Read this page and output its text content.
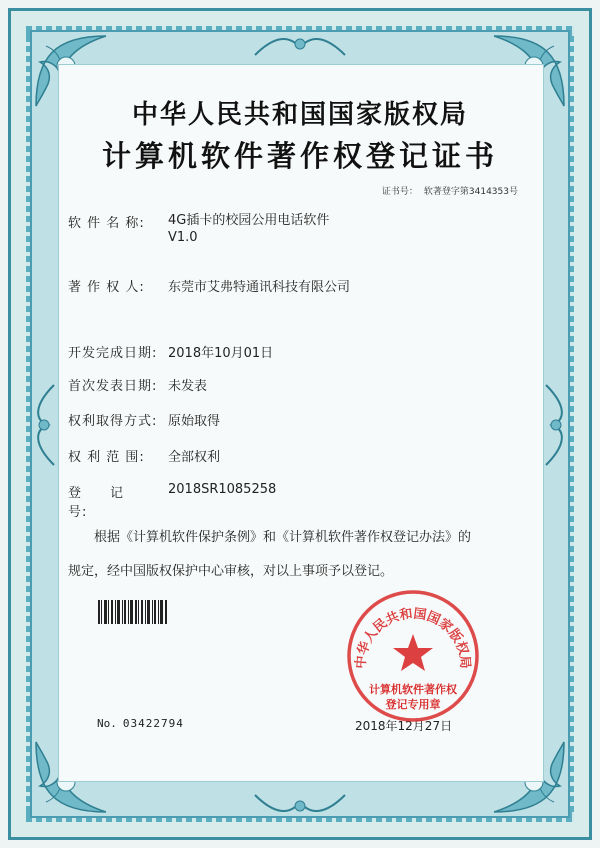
中华人民共和国国家版权局
计算机软件著作权登记证书
证书号： 软著登字第3414353号
软 件 名 称: 4G插卡的校园公用电话软件
V1.0
著 作 权 人: 东莞市艾弗特通讯科技有限公司
开发完成日期: 2018年10月01日
首次发表日期: 未发表
权利取得方式: 原始取得
权 利 范 围: 全部权利
登　　记　　号:2018SR1085258
　　根据《计算机软件保护条例》和《计算机软件著作权登记办法》的
规定，经中国版权保护中心审核，对以上事项予以登记。
No. 03422794	2018年12月27日
中华人民共和国国家版权局
计算机软件著作权
登记专用章
